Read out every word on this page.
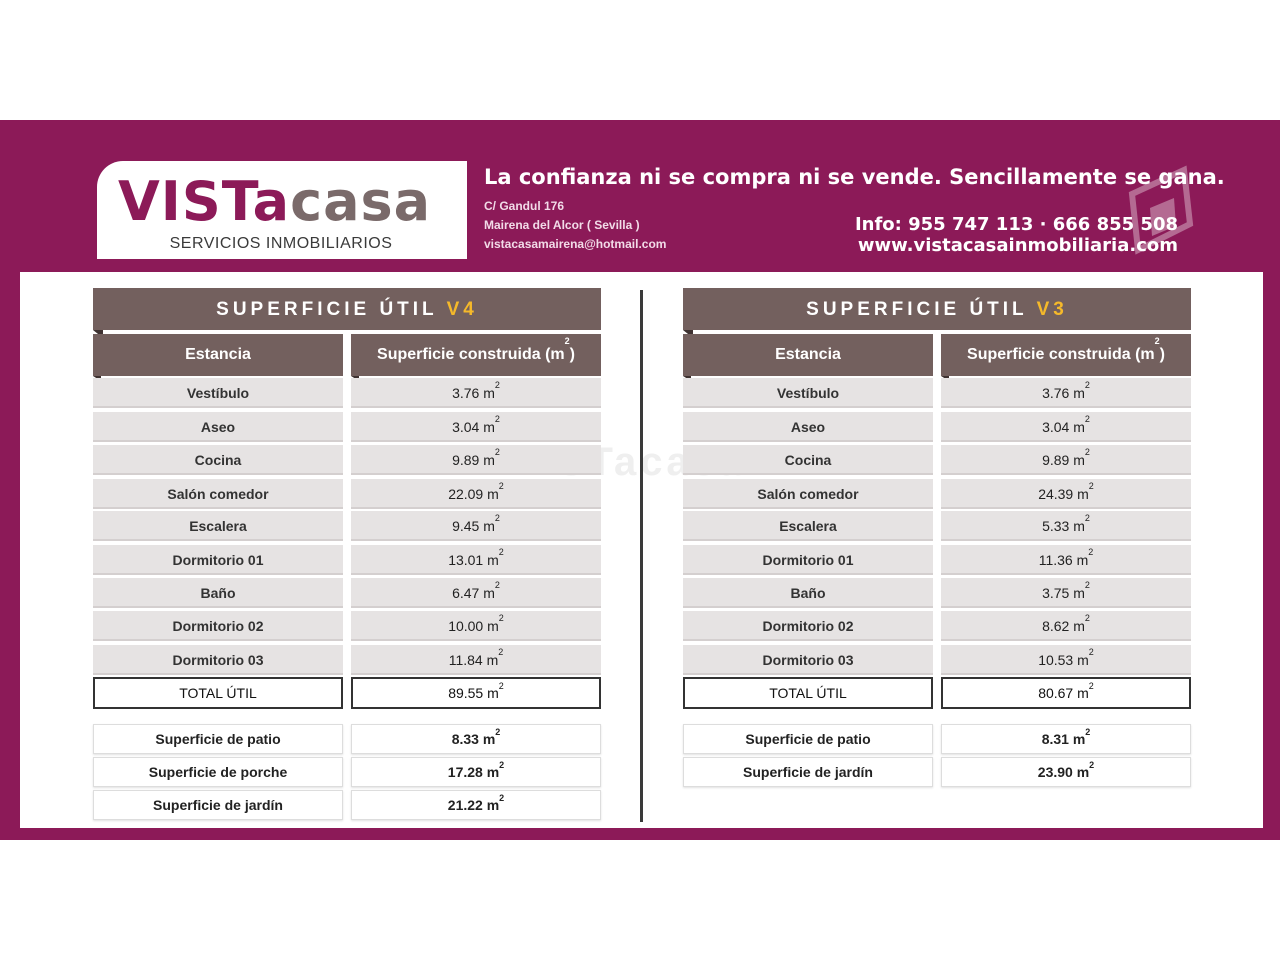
VISTacasa
SERVICIOS INMOBILIARIOS
La confianza ni se compra ni se vende. Sencillamente se gana.
C/ Gandul 176
Mairena del Alcor ( Sevilla )
vistacasamairena@hotmail.com
Info: 955 747 113 · 666 855 508
www.vistacasainmobiliaria.com
SUPERFICIE ÚTIL V4
Estancia	Superficie construida $(m^2)$
Vestíbulo	3.76 $m^2$
Aseo	3.04 $m^2$
Cocina	9.89 $m^2$
Salón comedor	22.09 $m^2$
Escalera	9.45 $m^2$
Dormitorio 01	13.01 $m^2$
Baño	6.47 $m^2$
Dormitorio 02	10.00 $m^2$
Dormitorio 03	11.84 $m^2$
TOTAL ÚTIL	89.55 $m^2$
Superficie de patio	8.33 $m^2$
Superficie de porche	17.28 $m^2$
Superficie de jardín	21.22 $m^2$
SUPERFICIE ÚTIL V3
Estancia	Superficie construida $(m^2)$
Vestíbulo	3.76 $m^2$
Aseo	3.04 $m^2$
Cocina	9.89 $m^2$
Salón comedor	24.39 $m^2$
Escalera	5.33 $m^2$
Dormitorio 01	11.36 $m^2$
Baño	3.75 $m^2$
Dormitorio 02	8.62 $m^2$
Dormitorio 03	10.53 $m^2$
TOTAL ÚTIL	80.67 $m^2$
Superficie de patio	8.31 $m^2$
Superficie de jardín	23.90 $m^2$
